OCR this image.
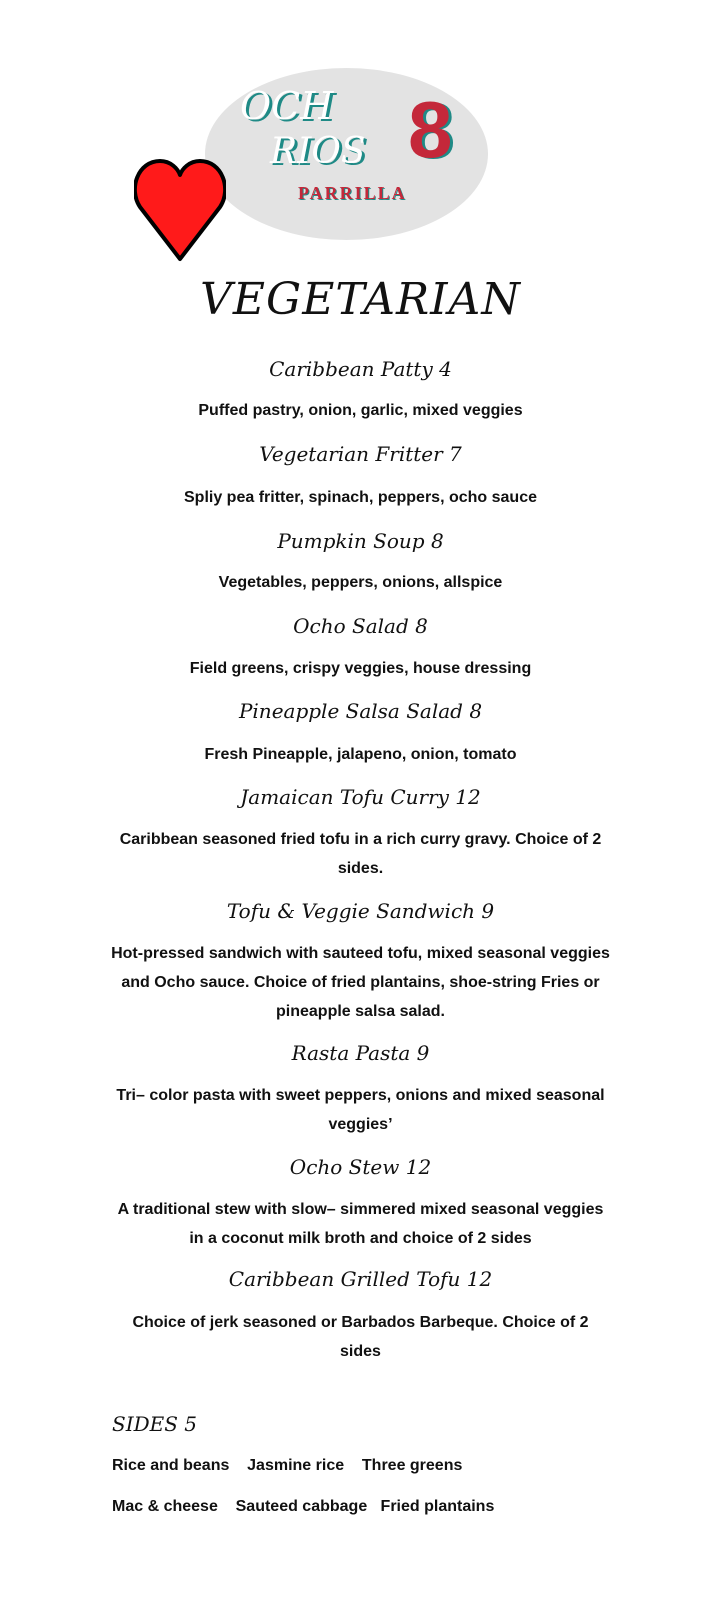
OCH
RIOS 8
PARRILLA
VEGETARIAN
Caribbean Patty 4
Puffed pastry, onion, garlic, mixed veggies
Vegetarian Fritter 7
Spliy pea fritter, spinach, peppers, ocho sauce
Pumpkin Soup 8
Vegetables, peppers, onions, allspice
Ocho Salad 8
Field greens, crispy veggies, house dressing
Pineapple Salsa Salad 8
Fresh Pineapple, jalapeno, onion, tomato
Jamaican Tofu Curry 12
Caribbean seasoned fried tofu in a rich curry gravy. Choice of 2 sides.
Tofu & Veggie Sandwich 9
Hot-pressed sandwich with sauteed tofu, mixed seasonal veggies and Ocho sauce. Choice of fried plantains, shoe-string Fries or pineapple salsa salad.
Rasta Pasta 9
Tri– color pasta with sweet peppers, onions and mixed seasonal veggies’
Ocho Stew 12
A traditional stew with slow– simmered mixed seasonal veggies in a coconut milk broth and choice of 2 sides
Caribbean Grilled Tofu 12
Choice of jerk seasoned or Barbados Barbeque. Choice of 2 sides
SIDES 5
Rice and beans    Jasmine rice    Three greens
Mac & cheese    Sauteed cabbage   Fried plantains
